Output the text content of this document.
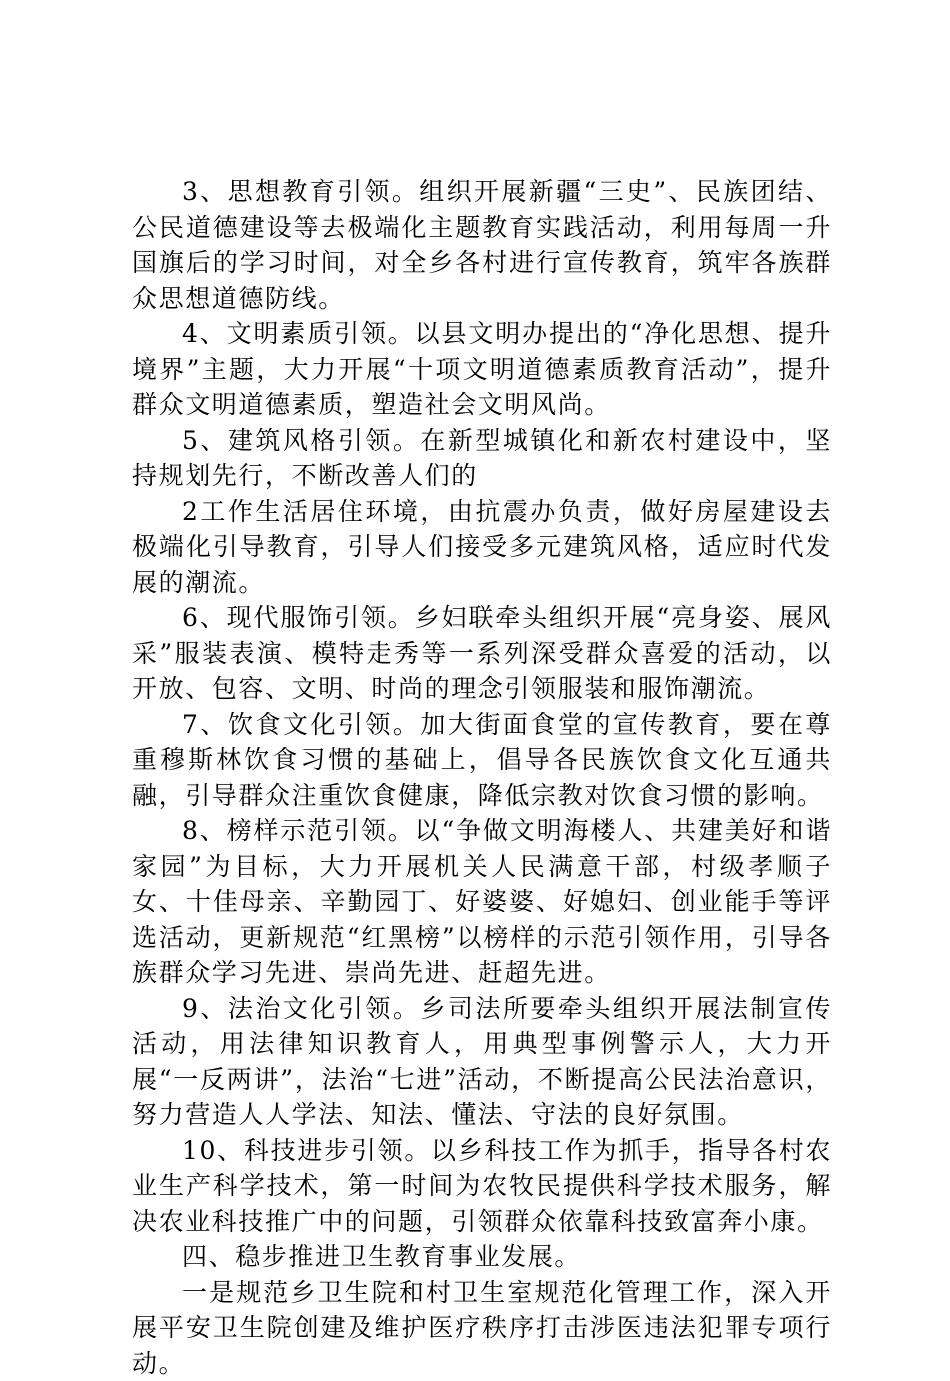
3、思想教育引领。组织开展新疆“三史”、民族团结、公民道德建设等去极端化主题教育实践活动，利用每周一升国旗后的学习时间，对全乡各村进行宣传教育，筑牢各族群众思想道德防线。

4、文明素质引领。以县文明办提出的“净化思想、提升境界”主题，大力开展“十项文明道德素质教育活动”，提升群众文明道德素质，塑造社会文明风尚。

5、建筑风格引领。在新型城镇化和新农村建设中，坚持规划先行，不断改善人们的

2工作生活居住环境，由抗震办负责，做好房屋建设去极端化引导教育，引导人们接受多元建筑风格，适应时代发展的潮流。

6、现代服饰引领。乡妇联牵头组织开展“亮身姿、展风采”服装表演、模特走秀等一系列深受群众喜爱的活动，以开放、包容、文明、时尚的理念引领服装和服饰潮流。

7、饮食文化引领。加大街面食堂的宣传教育，要在尊重穆斯林饮食习惯的基础上，倡导各民族饮食文化互通共融，引导群众注重饮食健康，降低宗教对饮食习惯的影响。

8、榜样示范引领。以“争做文明海楼人、共建美好和谐家园”为目标，大力开展机关人民满意干部，村级孝顺子女、十佳母亲、辛勤园丁、好婆婆、好媳妇、创业能手等评选活动，更新规范“红黑榜”以榜样的示范引领作用，引导各族群众学习先进、崇尚先进、赶超先进。

9、法治文化引领。乡司法所要牵头组织开展法制宣传活动，用法律知识教育人，用典型事例警示人，大力开展“一反两讲”，法治“七进”活动，不断提高公民法治意识，努力营造人人学法、知法、懂法、守法的良好氛围。

10、科技进步引领。以乡科技工作为抓手，指导各村农业生产科学技术，第一时间为农牧民提供科学技术服务，解决农业科技推广中的问题，引领群众依靠科技致富奔小康。

四、稳步推进卫生教育事业发展。

一是规范乡卫生院和村卫生室规范化管理工作，深入开展平安卫生院创建及维护医疗秩序打击涉医违法犯罪专项行动。
